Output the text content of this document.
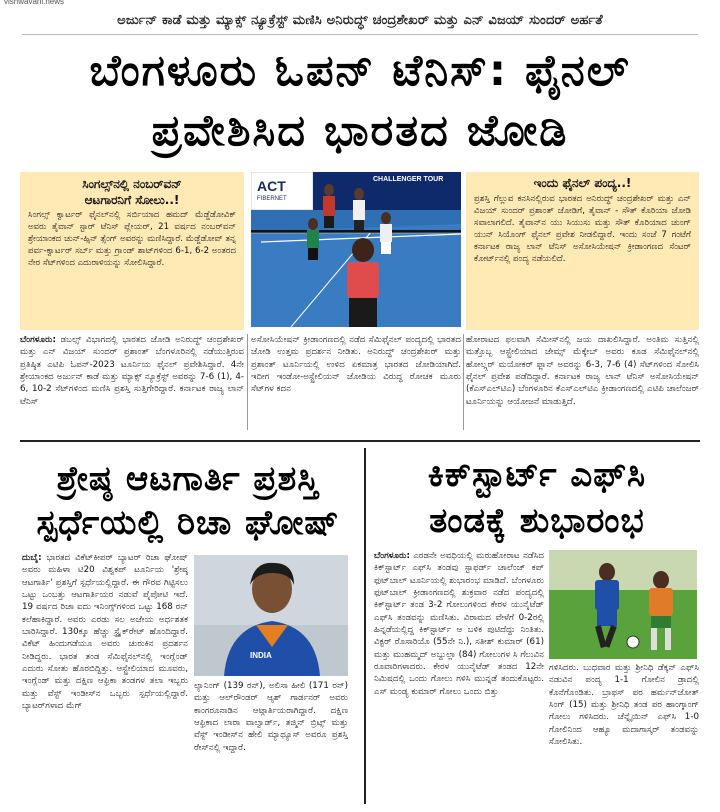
vishwavani.news
ಅರ್ಜುನ್ ಕಾಡೆ ಮತ್ತು ಮ್ಯಾಕ್ಸ್ ನ್ಯೂಕ್ರೆಸ್ಟ್ ಮಣಿಸಿ ಅನಿರುದ್ಧ್ ಚಂದ್ರಶೇಖರ್ ಮತ್ತು ಎನ್ ವಿಜಯ್ ಸುಂದರ್ ಅರ್ಹತೆ
ಬೆಂಗಳೂರು ಓಪನ್ ಟೆನಿಸ್: ಫೈನಲ್
ಪ್ರವೇಶಿಸಿದ ಭಾರತದ ಜೋಡಿ
ಸಿಂಗಲ್ಸ್‌ನಲ್ಲಿ ನಂಬರ್‌ವನ್
ಆಟಗಾರನಿಗೆ ಸೋಲು..!
ಸಿಂಗಲ್ಸ್ ಕ್ವಾರ್ಟರ್ ಫೈನಲ್‌ನಲ್ಲಿ ಸರ್ಬಿಯಾದ ಹಮದ್ ಮೆಡ್ಜೆಡೋವಿಕ್ ಅವರು ತೈವಾನ್ ಸ್ಟಾರ್ ಟೆನಿಸ್ ಪ್ಲೇಯರ್, 21 ವರ್ಷದ ನಂಬರ್‌ವನ್ ಶ್ರೇಯಾಂಕದ ಚುನ್-ಹ್ಸಿನ್ ತ್ಸೆಂಗ್ ಅವರನ್ನು ಮಣಿಸಿದ್ದಾರೆ. ಮೆಡ್ಜೆಡೋವ್ ತನ್ನ ಪರ್ವ-ಕ್ವಾರ್ಟರ್ ಸರ್ಬ್ ಮತ್ತು ಗ್ರಾಂಡ್ ಶಾಟ್‌ಗಳಿಂದ 6-1, 6-2 ಅಂತರದ ನೇರ ಸೆಟ್‌ಗಳಿಂದ ಎದುರಾಳಿಯನ್ನು ಸೋಲಿಸಿದ್ದಾರೆ.
ACT
FIBERNET
CHALLENGER TOUR	ಇಂದು ಫೈನಲ್ ಪಂದ್ಯ..!
ಪ್ರಶಸ್ತಿ ಗೆಲ್ಲುವ ಕನಸಿನಲ್ಲಿರುವ ಭಾರತದ ಅನಿರುದ್ಧ್ ಚಂದ್ರಶೇಖರ್ ಮತ್ತು ಎನ್ ವಿಜಯ್ ಸುಂದರ್ ಪ್ರಶಾಂತ್ ಜೋಡಿಗೆ, ತೈವಾನ್ - ಸೌತ್ ಕೊರಿಯಾ ಜೋಡಿ ಸವಾಲಾಗಲಿದೆ. ತೈವಾನ್‌ನ ಯು ಸಿಯುಸು ಮತ್ತು ಸೌತ್ ಕೊರಿಯಾದ ಚುಂಗ್ ಯುನ್ ಸಿಯೊಂಗ್ ಫೈನಲ್ ಪ್ರವೇಶ ನೀಡಲಿದ್ದಾರೆ. ಇಂದು ಸಂಜೆ 7 ಗಂಟೆಗೆ ಕರ್ನಾಟಕ ರಾಜ್ಯ ಲಾನ್ ಟೆನಿಸ್ ಅಸೋಸಿಯೇಷನ್ ಕ್ರೀಡಾಂಗಣದ ಸೆಂಟರ್ ಕೋರ್ಟ್‌ನಲ್ಲಿ ಪಂದ್ಯ ನಡೆಯಲಿದೆ.
ಬೆಂಗಳೂರು: ಡಬಲ್ಸ್ ವಿಭಾಗದಲ್ಲಿ ಭಾರತದ ಜೋಡಿ ಅನಿರುದ್ಧ್ ಚಂದ್ರಶೇಖರ್ ಮತ್ತು ಎನ್ ವಿಜಯ್ ಸುಂದರ್ ಪ್ರಶಾಂತ್ ಬೆಂಗಳೂರಿನಲ್ಲಿ ನಡೆಯುತ್ತಿರುವ ಪ್ರತಿಷ್ಠಿತ ಎಟಿಪಿ ಓಪನ್-2023 ಟೂರ್ನಿಯ ಫೈನಲ್ ಪ್ರವೇಶಿಸಿದ್ದಾರೆ. 4ನೇ ಶ್ರೇಯಾಂಕದ ಅರ್ಜುನ್ ಕಾಡೆ ಮತ್ತು ಮ್ಯಾಕ್ಸ್ ನ್ಯೂಕ್ರೆಸ್ಟ್ ಅವರನ್ನು 7-6 (1), 4-6, 10-2 ಸೆಟ್‌ಗಳಿಂದ ಮಣಿಸಿ ಪ್ರಶಸ್ತಿ ಸುತ್ತಿಗೇರಿದ್ದಾರೆ. ಕರ್ನಾಟಕ ರಾಜ್ಯ ಲಾನ್ ಟೆನಿಸ್
ಅಸೋಸಿಯೇಷನ್ ಕ್ರೀಡಾಂಗಣದಲ್ಲಿ ನಡೆದ ಸೆಮಿಫೈನಲ್ ಪಂದ್ಯದಲ್ಲಿ ಭಾರತದ ಜೋಡಿ ಉತ್ತಮ ಪ್ರದರ್ಶನ ನೀಡಿತು. ಅನಿರುದ್ಧ್ ಚಂದ್ರಶೇಖರ್ ಮತ್ತು ಪ್ರಶಾಂತ್ ಟೂರ್ನಿಯಲ್ಲಿ ಉಳಿದ ಏಕಮಾತ್ರ ಭಾರತದ ಜೋಡಿಯಾಗಿದೆ. ಇದೀಗ ಇಂಡೋ-ಅಸ್ಟ್ರೇಲಿಯನ್ ಜೋಡಿಯ ವಿರುದ್ಧ ರೋಚಕ ಮೂರು ಸೆಟ್‌ಗಳ ಕದನ
ಹೋರಾಟದ ಫಲವಾಗಿ ಸೆಮೀಸ್‌ನಲ್ಲಿ ಜಯ ದಾಖಲಿಸಿದ್ದಾರೆ. ಅಂತಿಮ ಸುತ್ತಿನಲ್ಲಿ ಮತ್ತೊಬ್ಬ ಆಸ್ಟ್ರೇಲಿಯಾದ ಜೇಮ್ಸ್ ಮೆಕ್ಕೇಬ್ ಅವರು ಕೂಡ ಸೆಮಿಫೈನಲ್‌ನಲ್ಲಿ ಹೋಲ್ಗ್ಗರ್ ಮಯೋಕರ್ ಫ್ಲಾನ್ ಅವರನ್ನು 6-3, 7-6 (4) ಸೆಟ್‌ಗಳಿಂದ ಸೋಲಿಸಿ ಫೈನಲ್ ಪ್ರವೇಶ ಪಡೆದಿದ್ದಾರೆ. ಕರ್ನಾಟಕ ರಾಜ್ಯ ಲಾನ್ ಟೆನಿಸ್ ಅಸೋಸಿಯೇಷನ್ (ಕೆಎಸ್‌ಎಲ್‌ಟಿಎ) ಬೆಂಗಳೂರಿನ ಕೆಎಸ್‌ಎಲ್‌ಟಿಎ ಕ್ರೀಡಾಂಗಣದಲ್ಲಿ ಎಟಿಪಿ ಚಾಲೆಂಜರ್ ಟೂರ್ನಿಯನ್ನು ಆಯೋಜನೆ ಮಾಡುತ್ತಿದೆ.
ಶ್ರೇಷ್ಠ ಆಟಗಾರ್ತಿ ಪ್ರಶಸ್ತಿ
ಸ್ಪರ್ಧೆಯಲ್ಲಿ ರಿಚಾ ಘೋಷ್
ದುಬೈ: ಭಾರತದ ವಿಕೆಟ್‌ಕೀಪರ್ ಬ್ಯಾಟರ್ ರಿಚಾ ಘೋಷ್ ಅವರು ಮಹಿಳಾ ಟಿ20 ವಿಶ್ವಕಪ್ ಟೂರ್ನಿಯ 'ಶ್ರೇಷ್ಠ ಆಟಗಾರ್ತಿ' ಪ್ರಶಸ್ತಿಗೆ ಸ್ಪರ್ಧೆಯಲ್ಲಿದ್ದಾರೆ. ಈ ಗೌರವ ಗಿಟ್ಟಿಸಲು ಒಟ್ಟು ಒಂಬತ್ತು ಆಟಗಾರ್ತಿಯರ ನಡುವೆ ಪೈಪೋಟಿ ಇದೆ. 19 ವರ್ಷದ ರಿಚಾ ಐದು ಇನಿಂಗ್ಸ್‌ಗಳಿಂದ ಒಟ್ಟು 168 ರನ್ ಕಲೆಹಾಕಿದ್ದಾರೆ. ಅವರು ಎರಡು ಸಲ ಅಜೇಯ ಅರ್ಧಶತಕ ಬಾರಿಸಿದ್ದಾರೆ. 130ಕ್ಕೂ ಹೆಚ್ಚು ಸ್ಟ್ರೈಕ್‌ರೇಟ್ ಹೊಂದಿದ್ದಾರೆ. ವಿಕೆಟ್ ಹಿಂದುಗಡೆಯೂ ಅವರು ಚುರುಕಿನ ಪ್ರದರ್ಶನ ನೀಡಿದ್ದರು. ಭಾರತ ತಂಡ ಸೆಮಿಫೈನಲ್‌ನಲ್ಲಿ ಇಂಗ್ಲೆಂಡ್ ಎದುರು ಸೋತು ಹೊರಬಿದ್ದಿತ್ತು. ಆಸ್ಟ್ರೇಲಿಯಾದ ಮೂವರು, ಇಂಗ್ಲೆಂಡ್ ಮತ್ತು ದಕ್ಷಿಣ ಆಫ್ರಿಕಾ ತಂಡಗಳ ತಲಾ ಇಬ್ಬರು ಮತ್ತು ವೆಸ್ಟ್ ಇಂಡೀಸ್‌ನ ಒಬ್ಬರು ಸ್ಪರ್ಧೆಯಲ್ಲಿದ್ದಾರೆ. ಬ್ಯಾಟರ್‌ಗಳಾದ ಮೆಗ್
INDIA
ಲ್ಯಾನಿಂಗ್ (139 ರನ್), ಅಲಿಸಾ ಹೀಲಿ (171 ರನ್) ಮತ್ತು ಆಲ್‌ರೌಂಡರ್ ಆ್ಯಶ್ ಗಾರ್ಡನರ್ ಅವರು ಕಾಂಗರೂನಾಡಿನ ಆಟ್ಗಾರ್ತಿಯರಾಗಿದ್ದಾರೆ. ದಕ್ಷಿಣ ಆಫ್ರಿಕಾದ ಲಾರಾ ವಾಲ್ವಾರ್ಡ್, ತಜ್ಮಿನ್ ಬ್ರಿಟ್ಸ್ ಮತ್ತು ವೆಸ್ಟ್ ಇಂಡೀಸ್‌ನ ಹೇಲಿ ಮ್ಯಾಥ್ಯೂಸ್ ಅವರೂ ಪ್ರಶಸ್ತಿ ರೇಸ್‌ನಲ್ಲಿ ಇದ್ದಾರೆ.
ಕಿಕ್‌ಸ್ಟಾರ್ಟ್ ಎಫ್‌ಸಿ
ತಂಡಕ್ಕೆ ಶುಭಾರಂಭ
ಬೆಂಗಳೂರು: ಎರಡನೇ ಅವಧಿಯಲ್ಲಿ ಮರುಹೋರಾಟ ನಡೆಸಿದ ಕಿಕ್‌ಸ್ಟಾರ್ಟ್ ಎಫ್‌ಸಿ ತಂಡವು ಸ್ಟಾಫರ್ಡ್ ಚಾಲೆಂಜ್ ಕಪ್ ಫುಟ್‌ಬಾಲ್ ಟೂರ್ನಿಯಲ್ಲಿ ಶುಭಾರಂಭ ಮಾಡಿದೆ. ಬೆಂಗಳೂರು ಫುಟ್‌ಬಾಲ್ ಕ್ರೀಡಾಂಗಣದಲ್ಲಿ ಶುಕ್ರವಾರ ನಡೆದ ಪಂದ್ಯದಲ್ಲಿ ಕಿಕ್‌ಸ್ಟಾರ್ಟ್ ತಂಡ 3-2 ಗೋಲುಗಳಿಂದ ಕೇರಳ ಯುನೈಟೆಡ್ ಎಫ್‌ಸಿ ತಂಡವನ್ನು ಮಣಿಸಿತು. ವಿರಾಮದ ವೇಳೆಗೆ 0-2ರಲ್ಲಿ ಹಿನ್ನಡೆಯಲ್ಲಿದ್ದ ಕಿಕ್‌ಸ್ಟಾರ್ಟ್ ಆ ಬಳಿಕ ಪುಟಿದೆದ್ದು ನಿಂತಿತು. ವಿಕ್ಟರ್ ರೊಸಾರಿಯೊ (55ನೇ ನಿ.), ಸತೀಶ್ ಕುಮಾರ್ (61) ಮತ್ತು ಮುಹಮ್ಮದ್ ಅಬ್ದುಲ್ಲಾ (84) ಗೋಲುಗಳ ಸಿ ಗೆಲುವಿನ ರೂವಾರಿಗಳಾದರು. ಕೇರಳ ಯುನೈಟೆಡ್ ತಂಡದ 12ನೇ ನಿಮಿಷದಲ್ಲಿ ಒಂದು ಗೋಲು ಗಳಿಸಿ ಮುನ್ನಡೆ ತಂದುಕೊಟ್ಟರು. ಎಸ್‌ ಮಂಡ್ಯ ಕುಮಾರ್ ಗೋಲು ಒಂದು ಬಿತ್ತು
ಗಳಿಸಿದರು. ಬುಧವಾರ ಮತ್ತು ಶ್ರೀನಿಧಿ ಡೆಕ್ಕನ್ ಎಫ್‌ಸಿ ನಡುವಿನ ಪಂದ್ಯ 1-1 ಗೋಲಿನ ಡ್ರಾದಲ್ಲಿ ಕೊನೆಗೊಂಡಿತು. ಬ್ರಾಫಸ್ ಪರ ಹರ್ಮನ್‌ಜೋತ್ ಸಿಂಗ್ (15) ಮತ್ತು ಶ್ರೀನಿಧಿ ತಂಡ ಪರ ಹಾಂಗ್ಕಾಂಗ್ ಗೋಲು ಗಳಿಸಿದರು. ಚೆನ್ನೈಯಿನ್ ಎಫ್‌ಸಿ 1-0 ಗೋಲಿನಿಂದ ಆಹ್ಯೂ ಮದಾಗಾಸ್ಕರ್ ತಂಡವನ್ನು ಸೋಲಿಸಿತು.
